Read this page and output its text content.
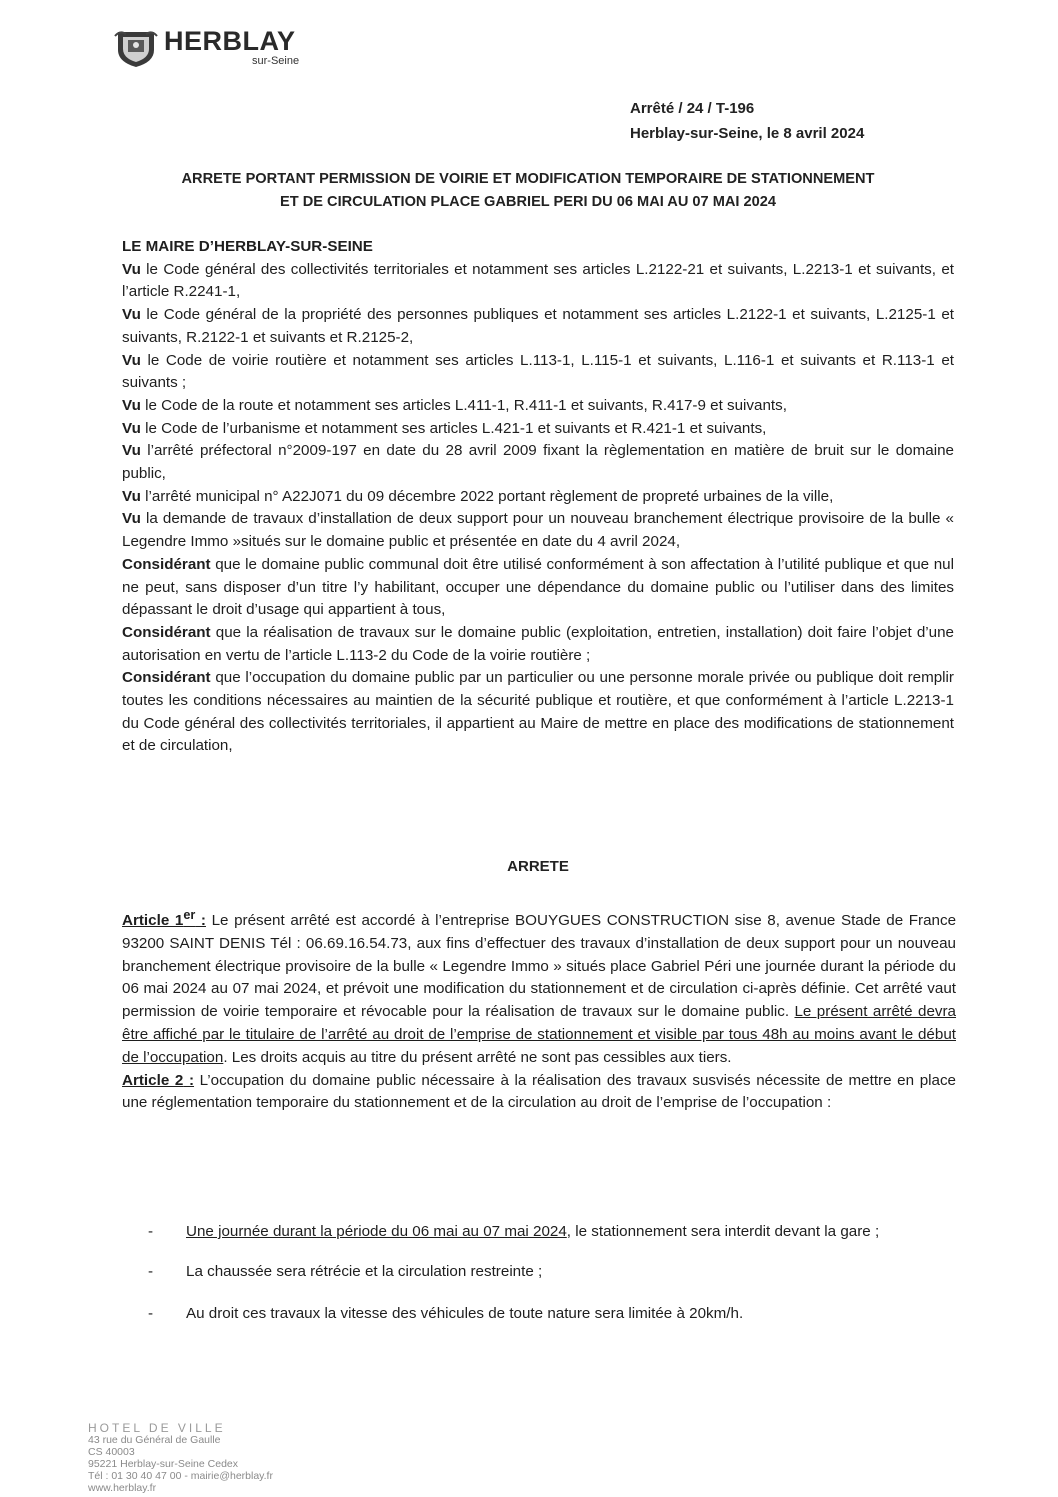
HERBLAY
sur-Seine
Arrêté / 24 / T-196
Herblay-sur-Seine, le 8 avril 2024
ARRETE PORTANT PERMISSION DE VOIRIE ET MODIFICATION TEMPORAIRE DE STATIONNEMENT
ET DE CIRCULATION PLACE GABRIEL PERI DU 06 MAI AU 07 MAI 2024

LE MAIRE D’HERBLAY-SUR-SEINE

Vu le Code général des collectivités territoriales et notamment ses articles L.2122-21 et suivants, L.2213-1 et suivants, et l’article R.2241-1,

Vu le Code général de la propriété des personnes publiques et notamment ses articles L.2122-1 et suivants, L.2125-1 et suivants, R.2122-1 et suivants et R.2125-2,

Vu le Code de voirie routière et notamment ses articles L.113-1, L.115-1 et suivants, L.116-1 et suivants et R.113-1 et suivants ;

Vu le Code de la route et notamment ses articles L.411-1, R.411-1 et suivants, R.417-9 et suivants,

Vu le Code de l’urbanisme et notamment ses articles L.421-1 et suivants et R.421-1 et suivants,

Vu l’arrêté préfectoral n°2009-197 en date du 28 avril 2009 fixant la règlementation en matière de bruit sur le domaine public,

Vu l’arrêté municipal n° A22J071 du 09 décembre 2022 portant règlement de propreté urbaines de la ville,

Vu la demande de travaux d’installation de deux support pour un nouveau branchement électrique provisoire de la bulle « Legendre Immo »situés sur le domaine public et présentée en date du 4 avril 2024,

Considérant que le domaine public communal doit être utilisé conformément à son affectation à l’utilité publique et que nul ne peut, sans disposer d’un titre l’y habilitant, occuper une dépendance du domaine public ou l’utiliser dans des limites dépassant le droit d’usage qui appartient à tous,

Considérant que la réalisation de travaux sur le domaine public (exploitation, entretien, installation) doit faire l’objet d’une autorisation en vertu de l’article L.113-2 du Code de la voirie routière ;

Considérant que l’occupation du domaine public par un particulier ou une personne morale privée ou publique doit remplir toutes les conditions nécessaires au maintien de la sécurité publique et routière, et que conformément à l’article L.2213-1 du Code général des collectivités territoriales, il appartient au Maire de mettre en place des modifications de stationnement et de circulation,

ARRETE

Article 1er : Le présent arrêté est accordé à l’entreprise BOUYGUES CONSTRUCTION sise 8, avenue Stade de France 93200 SAINT DENIS Tél : 06.69.16.54.73, aux fins d’effectuer des travaux d’installation de deux support pour un nouveau branchement électrique provisoire de la bulle « Legendre Immo » situés place Gabriel Péri une journée durant la période du 06 mai 2024 au 07 mai 2024, et prévoit une modification du stationnement et de circulation ci-après définie. Cet arrêté vaut permission de voirie temporaire et révocable pour la réalisation de travaux sur le domaine public. Le présent arrêté devra être affiché par le titulaire de l’arrêté au droit de l’emprise de stationnement et visible par tous 48h au moins avant le début de l’occupation. Les droits acquis au titre du présent arrêté ne sont pas cessibles aux tiers.

Article 2 : L’occupation du domaine public nécessaire à la réalisation des travaux susvisés nécessite de mettre en place une réglementation temporaire du stationnement et de la circulation au droit de l’emprise de l’occupation :

- Une journée durant la période du 06 mai au 07 mai 2024, le stationnement sera interdit devant la gare ;

- La chaussée sera rétrécie et la circulation restreinte ;

- Au droit ces travaux la vitesse des véhicules de toute nature sera limitée à 20km/h.

HOTEL DE VILLE
43 rue du Général de Gaulle
CS 40003
95221 Herblay-sur-Seine Cedex
Tél : 01 30 40 47 00 - mairie@herblay.fr
www.herblay.fr
